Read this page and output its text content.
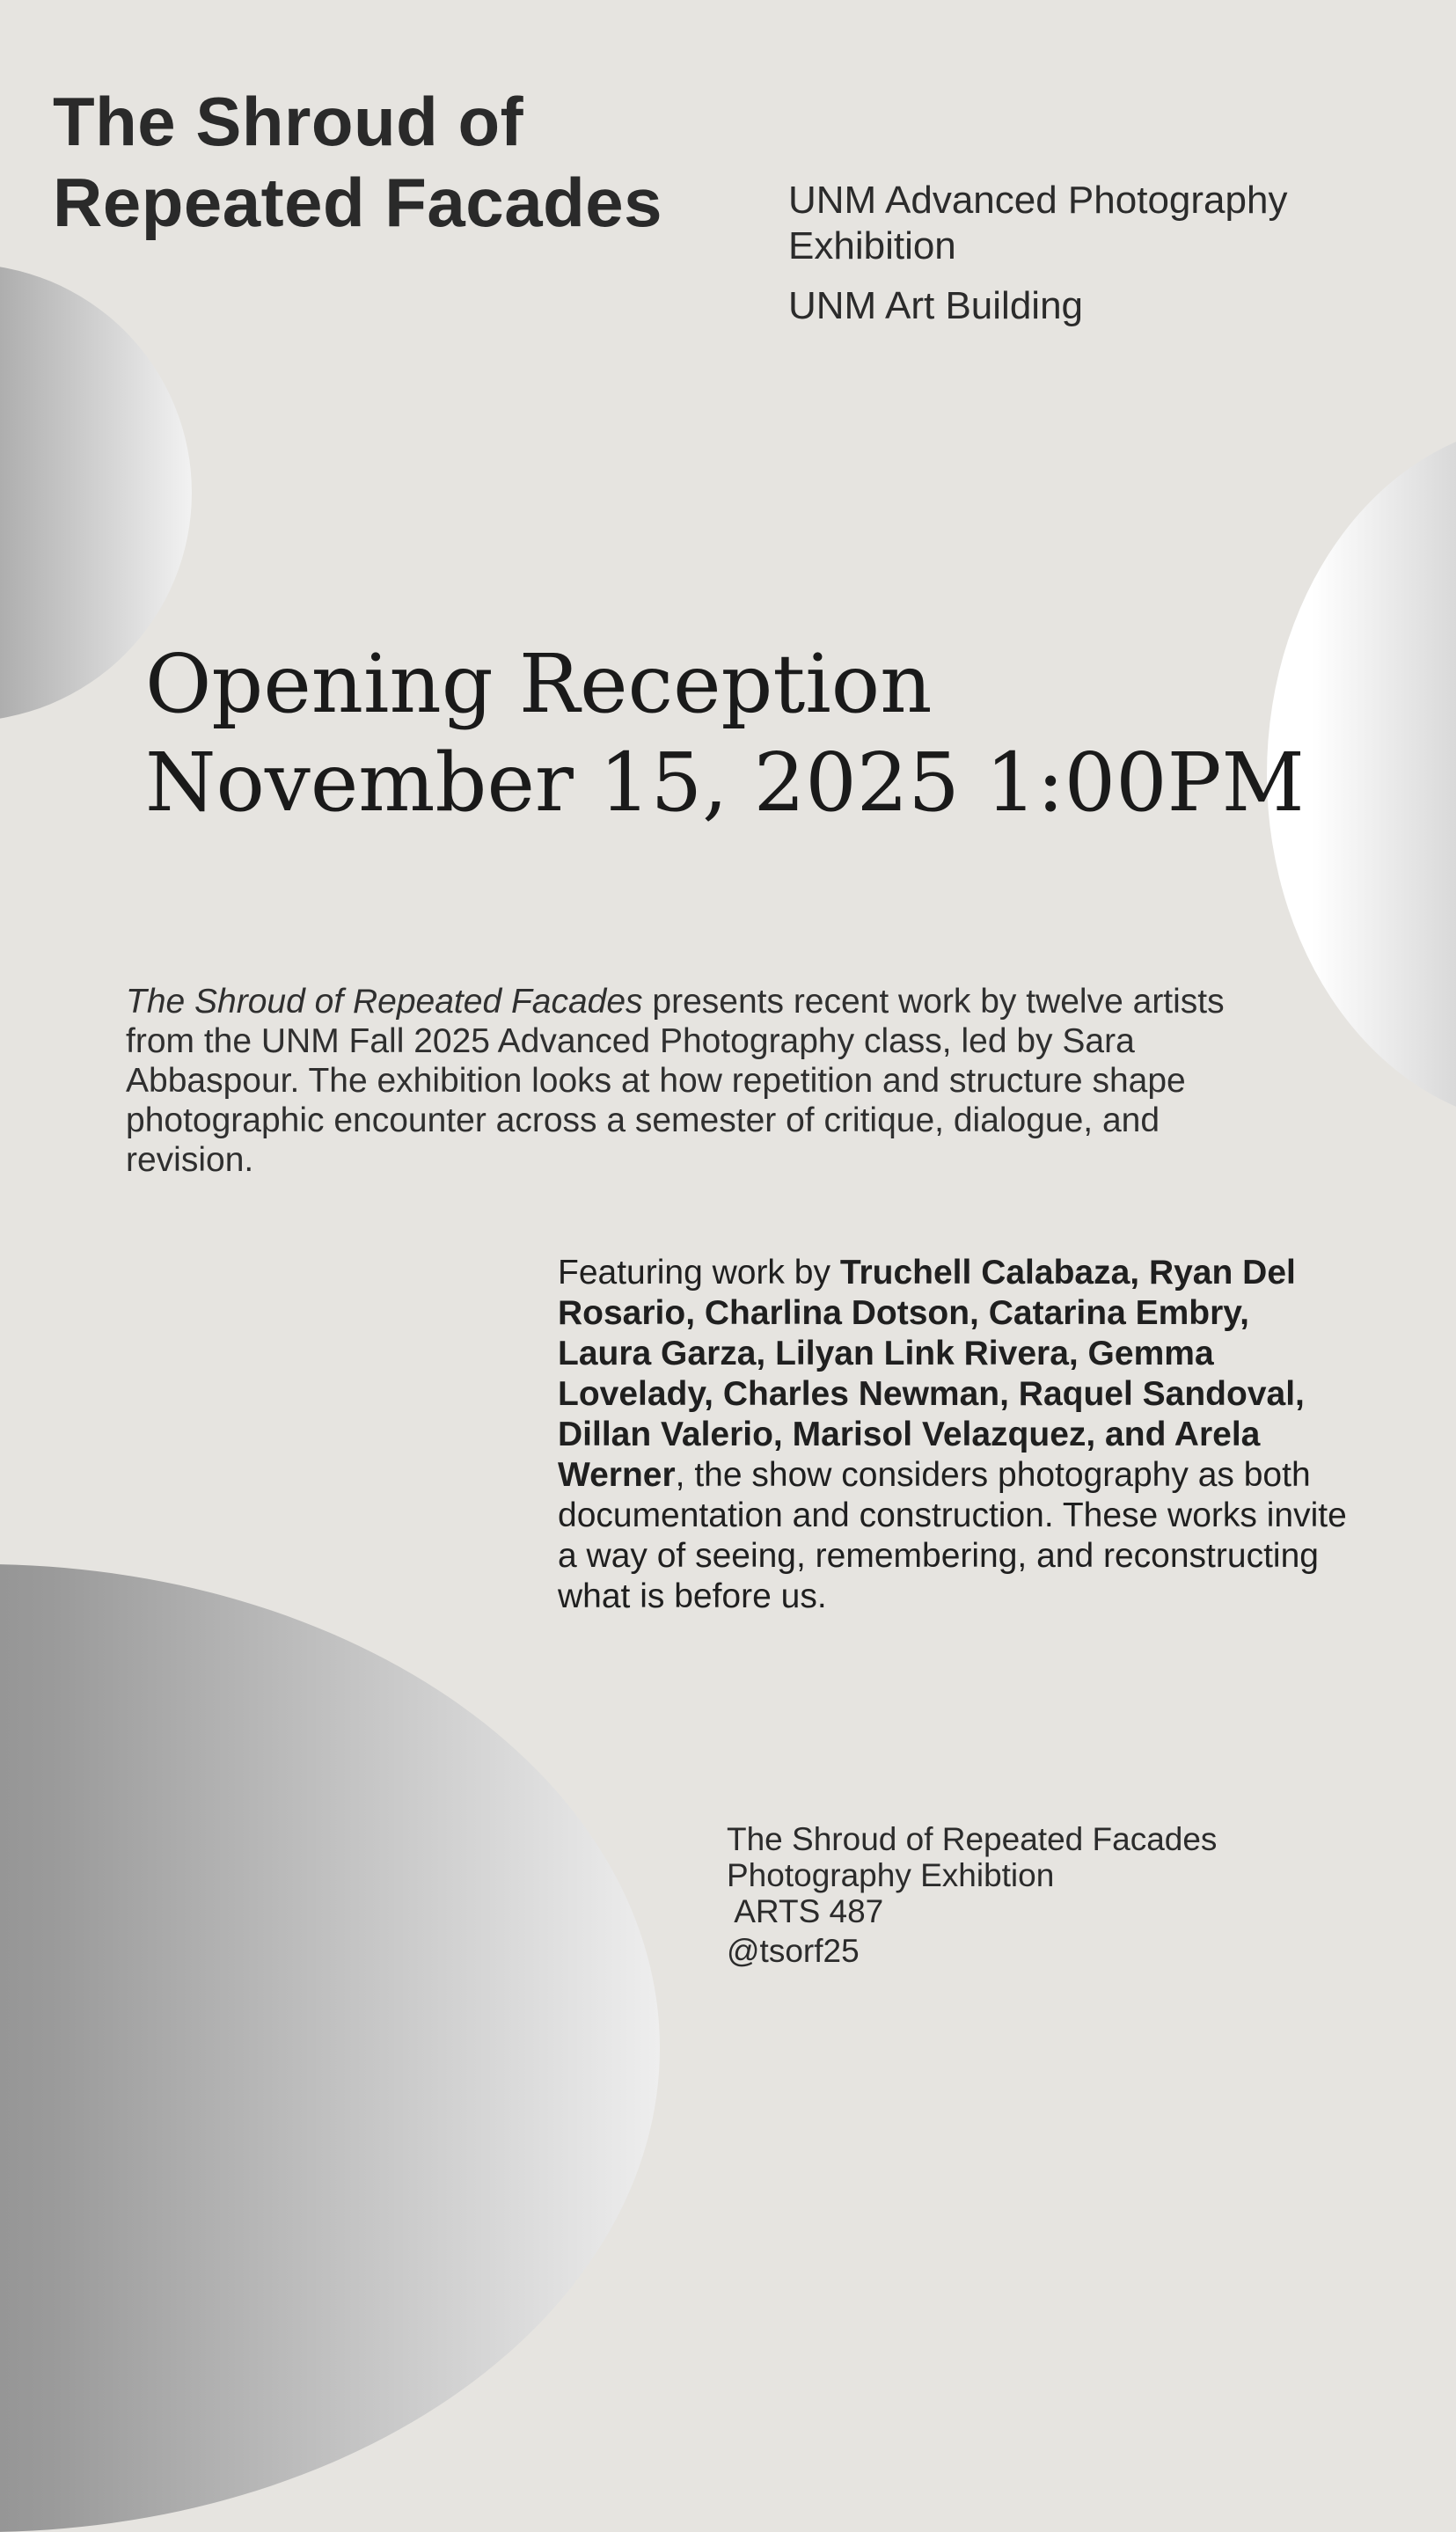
The Shroud of
Repeated Facades	UNM Advanced Photography
Exhibition
UNM Art Building
Opening Reception
November 15, 2025 1:00PM

The Shroud of Repeated Facades presents recent work by twelve artists from the UNM Fall 2025 Advanced Photography class, led by Sara Abbaspour. The exhibition looks at how repetition and structure shape photographic encounter across a semester of critique, dialogue, and revision.

Featuring work by Truchell Calabaza, Ryan Del Rosario, Charlina Dotson, Catarina Embry, Laura Garza, Lilyan Link Rivera, Gemma Lovelady, Charles Newman, Raquel Sandoval, Dillan Valerio, Marisol Velazquez, and Arela Werner, the show considers photography as both documentation and construction. These works invite a way of seeing, remembering, and reconstructing what is before us.

The Shroud of Repeated Facades
Photography Exhibtion
ARTS 487
@tsorf25
